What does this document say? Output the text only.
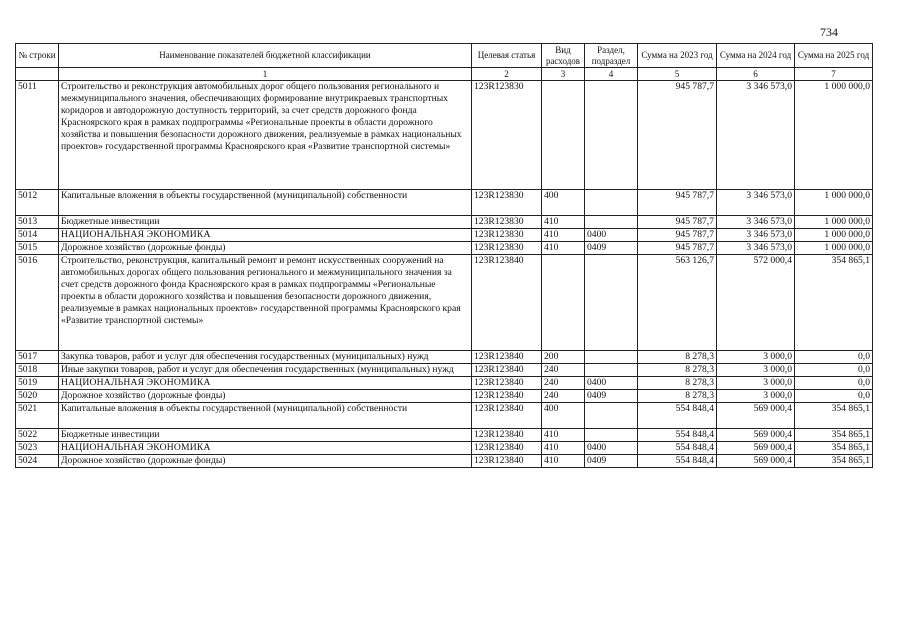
734
№ строки	Наименование показателей бюджетной классификации	Целевая статья	Вид расходов	Раздел, подраздел	Сумма на 2023 год	Сумма на 2024 год	Сумма на 2025 год
	1	2	3	4	5	6	7
5011	Строительство и реконструкция автомобильных дорог общего пользования регионального и межмуниципального значения, обеспечивающих формирование внутрикраевых транспортных коридоров и автодорожную доступность территорий, за счет средств дорожного фонда Красноярского края в рамках подпрограммы «Региональные проекты в области дорожного хозяйства и повышения безопасности дорожного движения, реализуемые в рамках национальных проектов» государственной программы Красноярского края «Развитие транспортной системы»	123R123830			945 787,7	3 346 573,0	1 000 000,0
5012	Капитальные вложения в объекты государственной (муниципальной) собственности	123R123830	400		945 787,7	3 346 573,0	1 000 000,0
5013	Бюджетные инвестиции	123R123830	410		945 787,7	3 346 573,0	1 000 000,0
5014	НАЦИОНАЛЬНАЯ ЭКОНОМИКА	123R123830	410	0400	945 787,7	3 346 573,0	1 000 000,0
5015	Дорожное хозяйство (дорожные фонды)	123R123830	410	0409	945 787,7	3 346 573,0	1 000 000,0
5016	Строительство, реконструкция, капитальный ремонт и ремонт искусственных сооружений на автомобильных дорогах общего пользования регионального и межмуниципального значения за счет средств дорожного фонда Красноярского края в рамках подпрограммы «Региональные проекты в области дорожного хозяйства и повышения безопасности дорожного движения, реализуемые в рамках национальных проектов» государственной программы Красноярского края «Развитие транспортной системы»	123R123840			563 126,7	572 000,4	354 865,1
5017	Закупка товаров, работ и услуг для обеспечения государственных (муниципальных) нужд	123R123840	200		8 278,3	3 000,0	0,0
5018	Иные закупки товаров, работ и услуг для обеспечения государственных (муниципальных) нужд	123R123840	240		8 278,3	3 000,0	0,0
5019	НАЦИОНАЛЬНАЯ ЭКОНОМИКА	123R123840	240	0400	8 278,3	3 000,0	0,0
5020	Дорожное хозяйство (дорожные фонды)	123R123840	240	0409	8 278,3	3 000,0	0,0
5021	Капитальные вложения в объекты государственной (муниципальной) собственности	123R123840	400		554 848,4	569 000,4	354 865,1
5022	Бюджетные инвестиции	123R123840	410		554 848,4	569 000,4	354 865,1
5023	НАЦИОНАЛЬНАЯ ЭКОНОМИКА	123R123840	410	0400	554 848,4	569 000,4	354 865,1
5024	Дорожное хозяйство (дорожные фонды)	123R123840	410	0409	554 848,4	569 000,4	354 865,1
